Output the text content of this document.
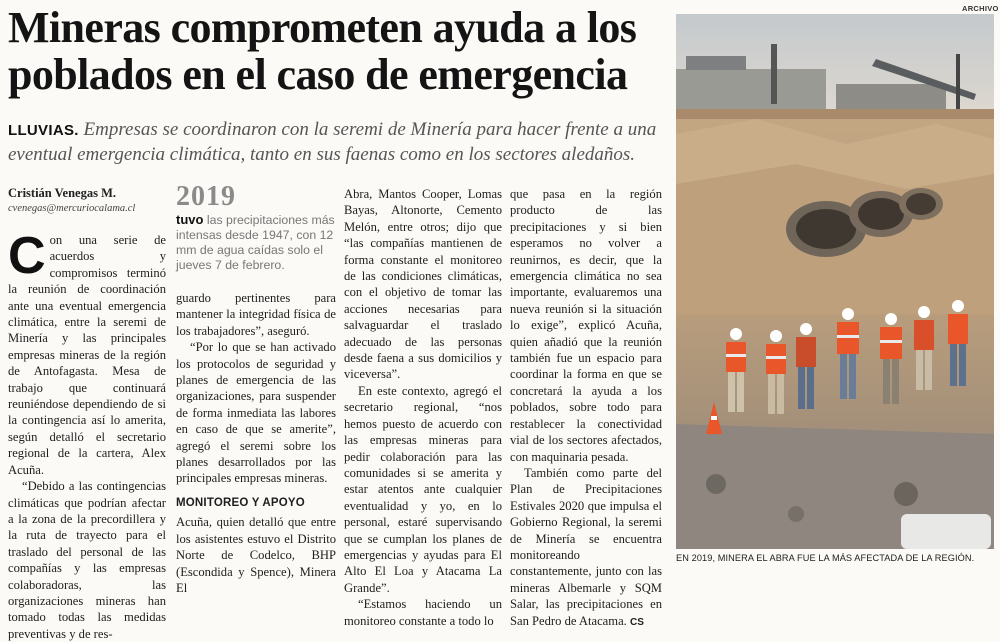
Mineras comprometen ayuda a los poblados en el caso de emergencia
LLUVIAS. Empresas se coordinaron con la seremi de Minería para hacer frente a una eventual emergencia climática, tanto en sus faenas como en los sectores aledaños.
Cristián Venegas M.
cvenegas@mercuriocalama.cl

Con una serie de acuerdos y compromisos terminó la reunión de coordinación ante una eventual emergencia climática, entre la seremi de Minería y las principales empresas mineras de la región de Antofagasta. Mesa de trabajo que continuará reuniéndose dependiendo de si la contingencia así lo amerita, según detalló el secretario regional de la cartera, Alex Acuña.

“Debido a las contingencias climáticas que podrían afectar a la zona de la precordillera y la ruta de trayecto para el traslado del personal de las compañías y las empresas colaboradoras, las organizaciones mineras han tomado todas las medidas preventivas y de res-

2019
tuvo las precipitaciones más intensas desde 1947, con 12 mm de agua caídas solo el jueves 7 de febrero.

guardo pertinentes para mantener la integridad física de los trabajadores”, aseguró.

“Por lo que se han activado los protocolos de seguridad y planes de emergencia de las organizaciones, para suspender de forma inmediata las labores en caso de que se amerite”, agregó el seremi sobre los planes desarrollados por las principales empresas mineras.

MONITOREO Y APOYO

Acuña, quien detalló que entre los asistentes estuvo el Distrito Norte de Codelco, BHP (Escondida y Spence), Minera El

Abra, Mantos Cooper, Lomas Bayas, Altonorte, Cemento Melón, entre otros; dijo que “las compañías mantienen de forma constante el monitoreo de las condiciones climáticas, con el objetivo de tomar las acciones necesarias para salvaguardar el traslado adecuado de las personas desde faena a sus domicilios y viceversa”.

En este contexto, agregó el secretario regional, “nos hemos puesto de acuerdo con las empresas mineras para pedir colaboración para las comunidades si se amerita y estar atentos ante cualquier eventualidad y yo, en lo personal, estaré supervisando que se cumplan los planes de emergencias y ayudas para El Alto El Loa y Atacama La Grande”.

“Estamos haciendo un monitoreo constante a todo lo

que pasa en la región producto de las precipitaciones y si bien esperamos no volver a reunirnos, es decir, que la emergencia climática no sea importante, evaluaremos una nueva reunión si la situación lo exige”, explicó Acuña, quien añadió que la reunión también fue un espacio para coordinar la forma en que se concretará la ayuda a los poblados, sobre todo para restablecer la conectividad vial de los sectores afectados, con maquinaria pesada.

También como parte del Plan de Precipitaciones Estivales 2020 que impulsa el Gobierno Regional, la seremi de Minería se encuentra monitoreando constantemente, junto con las mineras Albemarle y SQM Salar, las precipitaciones en San Pedro de Atacama. CS

ARCHIVO
EN 2019, MINERA EL ABRA FUE LA MÁS AFECTADA DE LA REGIÓN.
